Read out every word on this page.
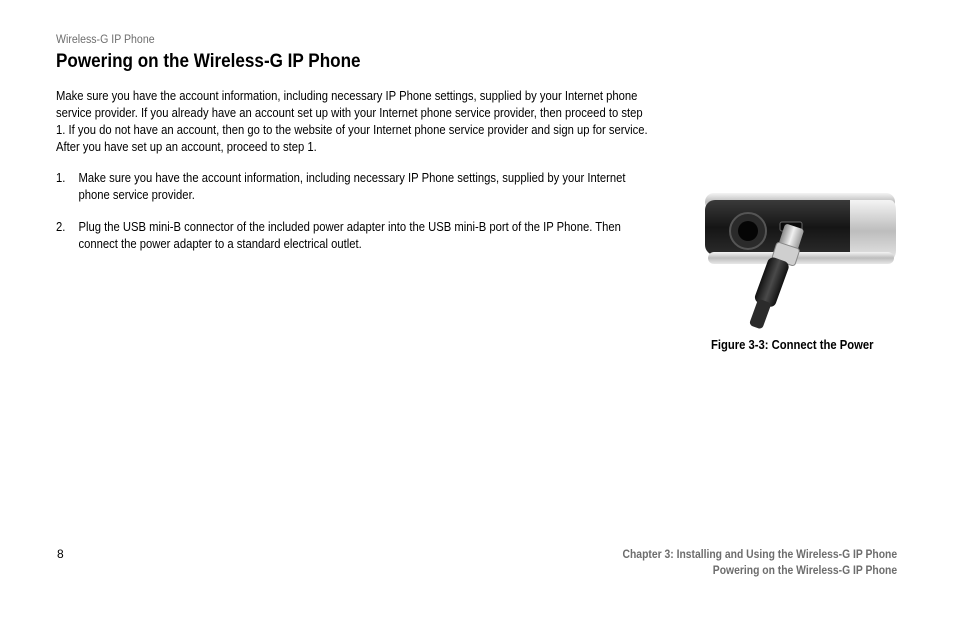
Wireless-G IP Phone
Powering on the Wireless-G IP Phone

Make sure you have the account information, including necessary IP Phone settings, supplied by your Internet phone service provider. If you already have an account set up with your Internet phone service provider, then proceed to step 1. If you do not have an account, then go to the website of your Internet phone service provider and sign up for service. After you have set up an account, proceed to step 1.

1. Make sure you have the account information, including necessary IP Phone settings, supplied by your Internet phone service provider.
2. Plug the USB mini-B connector of the included power adapter into the USB mini-B port of the IP Phone. Then connect the power adapter to a standard electrical outlet.
Figure 3-3: Connect the Power
8	Chapter 3: Installing and Using the Wireless-G IP Phone
Powering on the Wireless-G IP Phone
